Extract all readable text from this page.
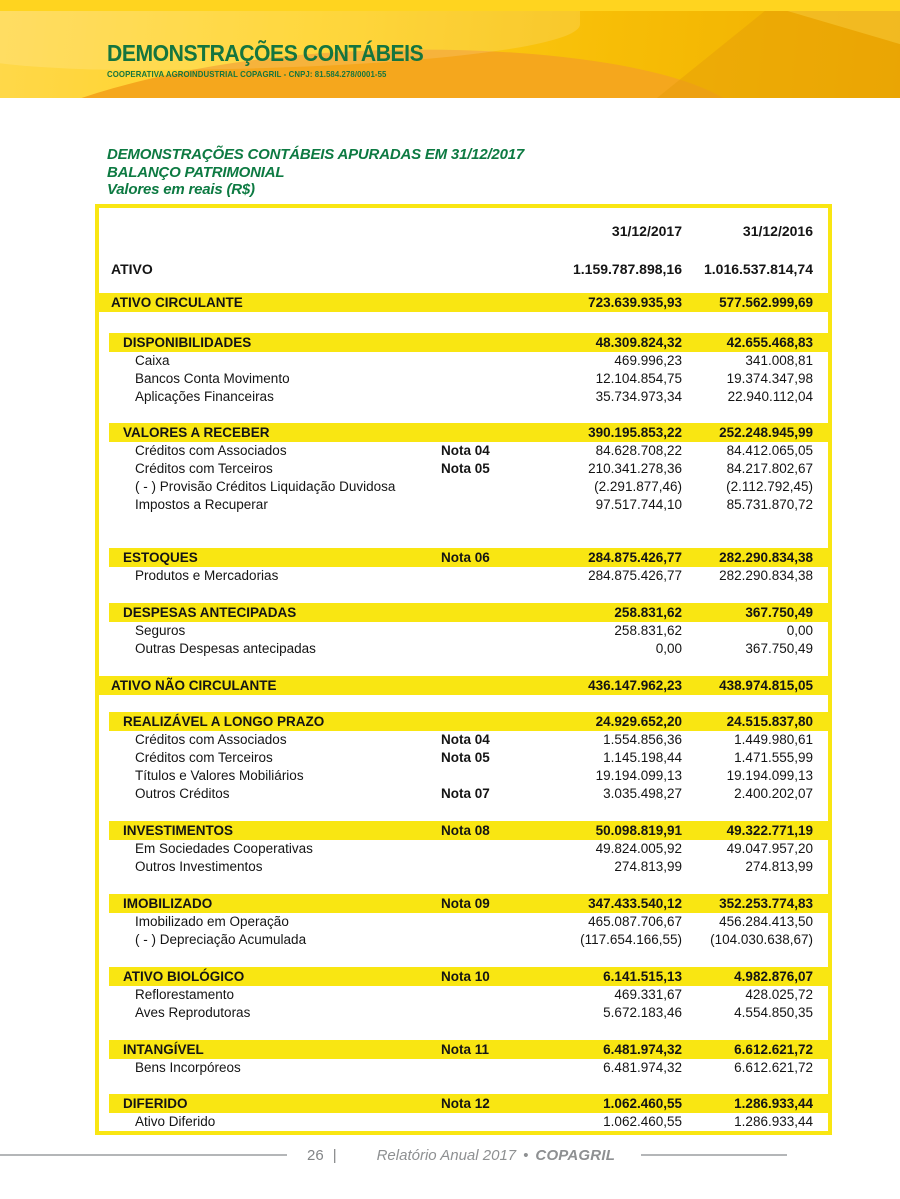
DEMONSTRAÇÕES CONTÁBEIS
COOPERATIVA AGROINDUSTRIAL COPAGRIL - CNPJ: 81.584.278/0001-55
DEMONSTRAÇÕES CONTÁBEIS APURADAS EM 31/12/2017
BALANÇO PATRIMONIAL
Valores em reais (R$)
31/12/2017	31/12/2016
ATIVO	1.159.787.898,16	1.016.537.814,74
ATIVO CIRCULANTE	723.639.935,93	577.562.999,69
DISPONIBILIDADES	48.309.824,32	42.655.468,83
Caixa	469.996,23	341.008,81
Bancos Conta Movimento	12.104.854,75	19.374.347,98
Aplicações Financeiras	35.734.973,34	22.940.112,04
VALORES A RECEBER	390.195.853,22	252.248.945,99
Créditos com Associados	Nota 04	84.628.708,22	84.412.065,05
Créditos com Terceiros	Nota 05	210.341.278,36	84.217.802,67
( - ) Provisão Créditos Liquidação Duvidosa	(2.291.877,46)	(2.112.792,45)
Impostos a Recuperar	97.517.744,10	85.731.870,72
ESTOQUES	Nota 06	284.875.426,77	282.290.834,38
Produtos e Mercadorias	284.875.426,77	282.290.834,38
DESPESAS ANTECIPADAS	258.831,62	367.750,49
Seguros	258.831,62	0,00
Outras Despesas antecipadas	0,00	367.750,49
ATIVO NÃO CIRCULANTE	436.147.962,23	438.974.815,05
REALIZÁVEL A LONGO PRAZO	24.929.652,20	24.515.837,80
Créditos com Associados	Nota 04	1.554.856,36	1.449.980,61
Créditos com Terceiros	Nota 05	1.145.198,44	1.471.555,99
Títulos e Valores Mobiliários	19.194.099,13	19.194.099,13
Outros Créditos	Nota 07	3.035.498,27	2.400.202,07
INVESTIMENTOS	Nota 08	50.098.819,91	49.322.771,19
Em Sociedades Cooperativas	49.824.005,92	49.047.957,20
Outros Investimentos	274.813,99	274.813,99
IMOBILIZADO	Nota 09	347.433.540,12	352.253.774,83
Imobilizado em Operação	465.087.706,67	456.284.413,50
( - ) Depreciação Acumulada	(117.654.166,55)	(104.030.638,67)
ATIVO BIOLÓGICO	Nota 10	6.141.515,13	4.982.876,07
Reflorestamento	469.331,67	428.025,72
Aves Reprodutoras	5.672.183,46	4.554.850,35
INTANGÍVEL	Nota 11	6.481.974,32	6.612.621,72
Bens Incorpóreos	6.481.974,32	6.612.621,72
DIFERIDO	Nota 12	1.062.460,55	1.286.933,44
Ativo Diferido	1.062.460,55	1.286.933,44
26 |	Relatório Anual 2017 • COPAGRIL
